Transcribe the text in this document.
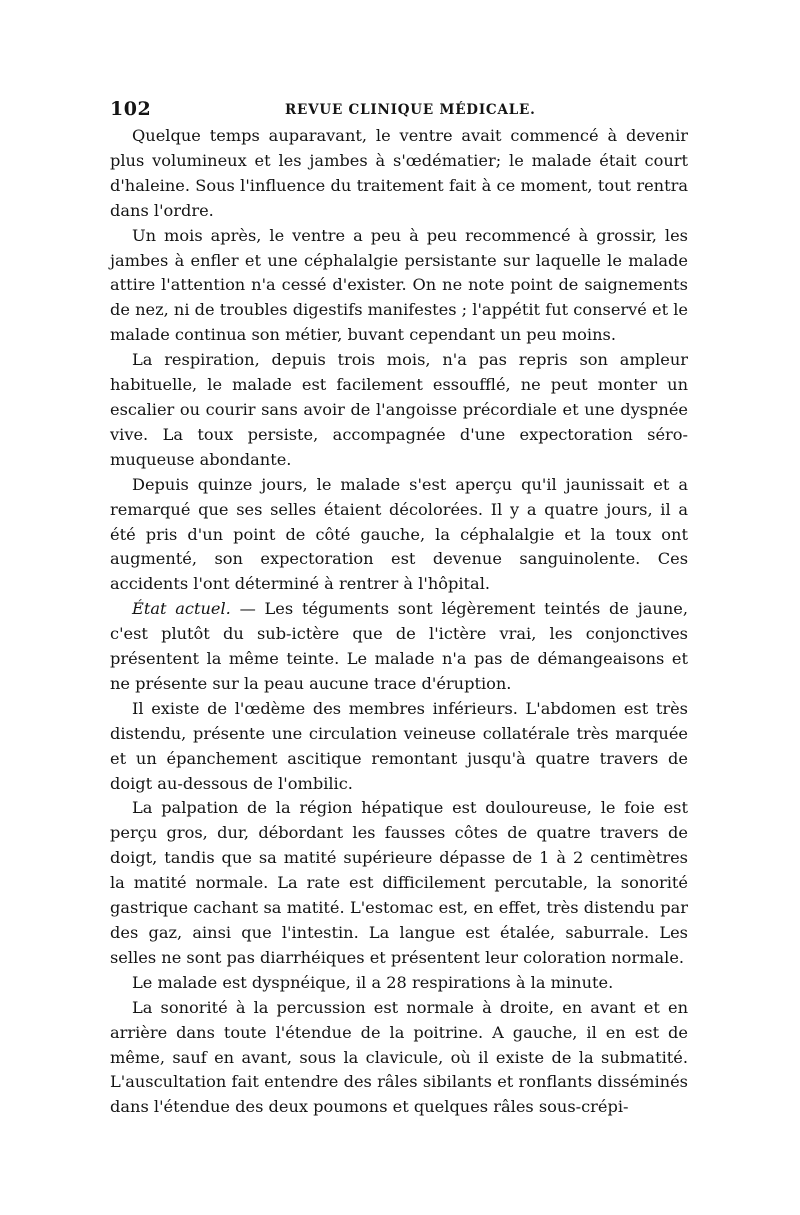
102	REVUE CLINIQUE MÉDICALE.

Quelque temps auparavant, le ventre avait commencé à devenir plus volumineux et les jambes à s'œdématier; le malade était court d'haleine. Sous l'influence du traitement fait à ce moment, tout rentra dans l'ordre.

Un mois après, le ventre a peu à peu recommencé à grossir, les jambes à enfler et une céphalalgie persistante sur laquelle le malade attire l'attention n'a cessé d'exister. On ne note point de saignements de nez, ni de troubles digestifs manifestes ; l'appétit fut conservé et le malade continua son métier, buvant cependant un peu moins.

La respiration, depuis trois mois, n'a pas repris son ampleur habituelle, le malade est facilement essoufflé, ne peut monter un escalier ou courir sans avoir de l'angoisse précordiale et une dyspnée vive. La toux persiste, accompagnée d'une expectoration séro-muqueuse abondante.

Depuis quinze jours, le malade s'est aperçu qu'il jaunissait et a remarqué que ses selles étaient décolorées. Il y a quatre jours, il a été pris d'un point de côté gauche, la céphalalgie et la toux ont augmenté, son expectoration est devenue sanguinolente. Ces accidents l'ont déterminé à rentrer à l'hôpital.

État actuel. — Les téguments sont légèrement teintés de jaune, c'est plutôt du sub-ictère que de l'ictère vrai, les conjonctives présentent la même teinte. Le malade n'a pas de démangeaisons et ne présente sur la peau aucune trace d'éruption.

Il existe de l'œdème des membres inférieurs. L'abdomen est très distendu, présente une circulation veineuse collatérale très marquée et un épanchement ascitique remontant jusqu'à quatre travers de doigt au-dessous de l'ombilic.

La palpation de la région hépatique est douloureuse, le foie est perçu gros, dur, débordant les fausses côtes de quatre travers de doigt, tandis que sa matité supérieure dépasse de 1 à 2 centimètres la matité normale. La rate est difficilement percutable, la sonorité gastrique cachant sa matité. L'estomac est, en effet, très distendu par des gaz, ainsi que l'intestin. La langue est étalée, saburrale. Les selles ne sont pas diarrhéiques et présentent leur coloration normale.

Le malade est dyspnéique, il a 28 respirations à la minute.

La sonorité à la percussion est normale à droite, en avant et en arrière dans toute l'étendue de la poitrine. A gauche, il en est de même, sauf en avant, sous la clavicule, où il existe de la submatité. L'auscultation fait entendre des râles sibilants et ronflants disséminés dans l'étendue des deux poumons et quelques râles sous-crépi-
